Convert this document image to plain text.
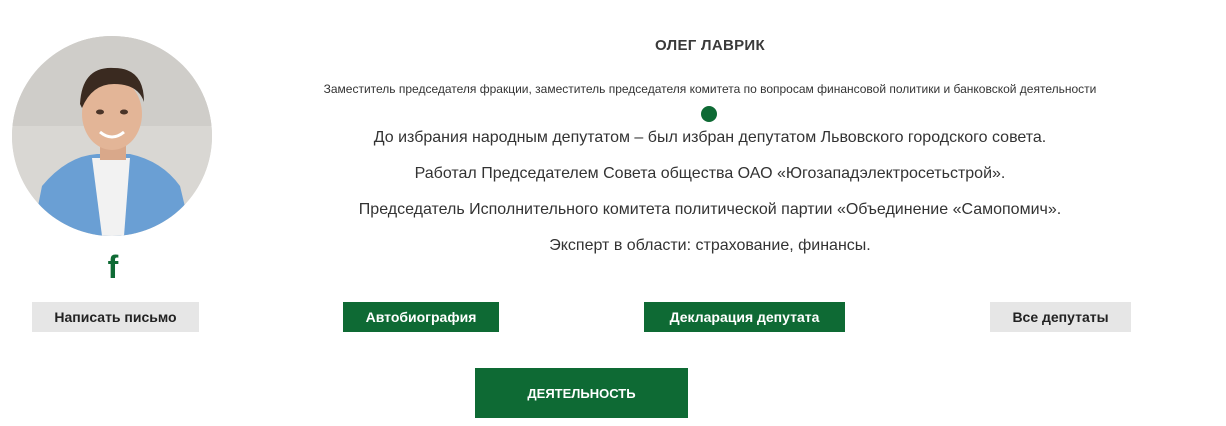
f
ОЛЕГ ЛАВРИК
Заместитель председателя фракции, заместитель председателя комитета по вопросам финансовой политики и банковской деятельности

До избрания народным депутатом – был избран депутатом Львовского городского совета.

Работал Председателем Совета общества ОАО «Югозападэлектросетьстрой».

Председатель Исполнительного комитета политической партии «Объединение «Самопомич».

Эксперт в области: страхование, финансы.

Написать письмо	Автобиография	Декларация депутата	Все депутаты
ДЕЯТЕЛЬНОСТЬ
